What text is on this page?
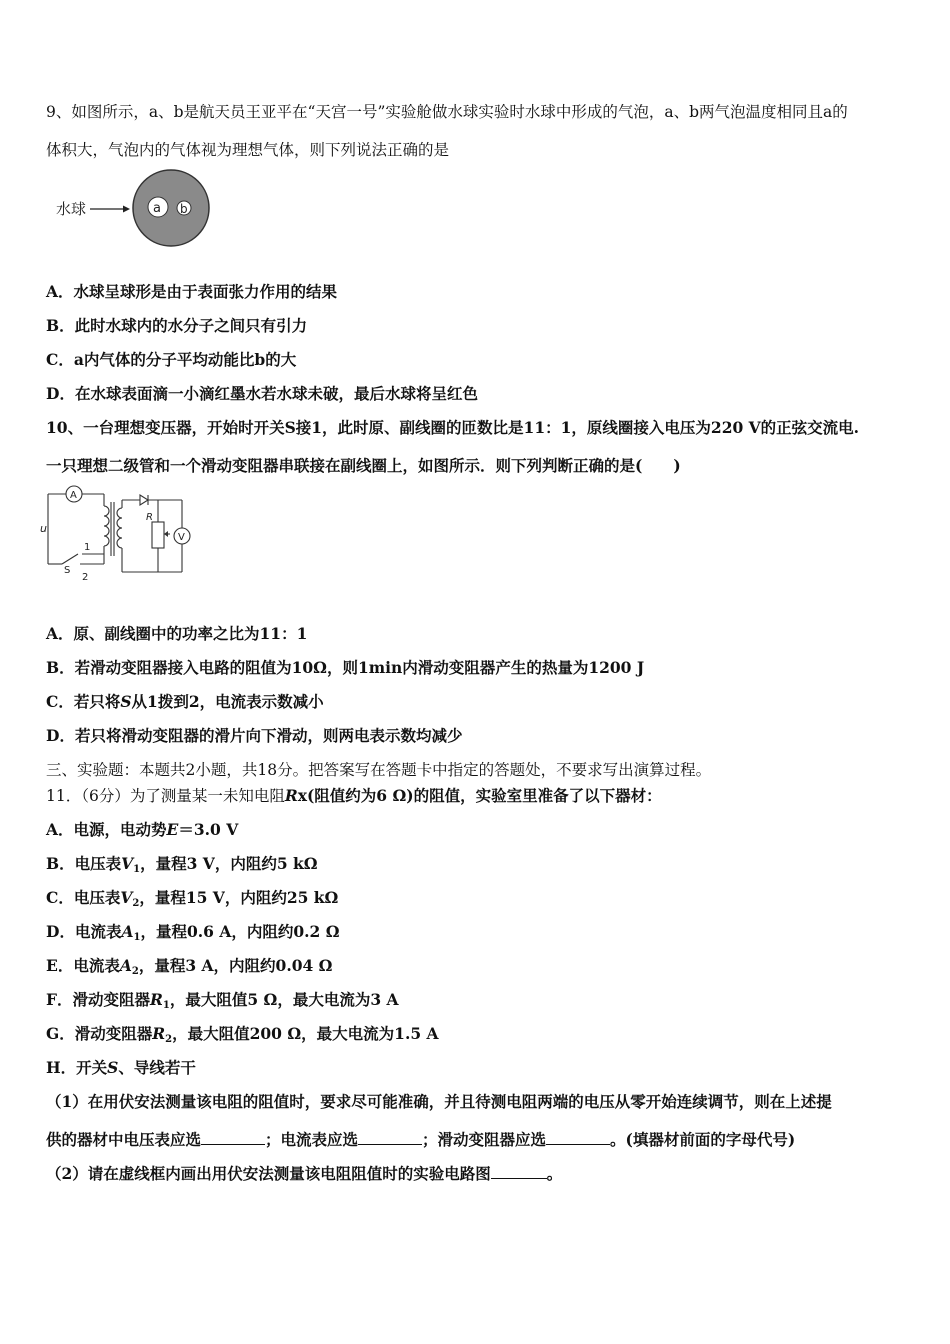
9、如图所示，a、b是航天员王亚平在“天宫一号”实验舱做水球实验时水球中形成的气泡，a、b两气泡温度相同且a的
体积大，气泡内的气体视为理想气体，则下列说法正确的是
水球	a b
A．水球呈球形是由于表面张力作用的结果
B．此时水球内的水分子之间只有引力
C．a内气体的分子平均动能比b的大
D．在水球表面滴一小滴红墨水若水球未破，最后水球将呈红色
10、一台理想变压器，开始时开关S接1，此时原、副线圈的匝数比是11：1，原线圈接入电压为220 V的正弦交流电.
一只理想二级管和一个滑动变阻器串联接在副线圈上，如图所示．则下列判断正确的是(　　)
A
V
u
S
1
2
R
A．原、副线圈中的功率之比为11：1
B．若滑动变阻器接入电路的阻值为10Ω，则1min内滑动变阻器产生的热量为1200 J
C．若只将S从1拨到2，电流表示数减小
D．若只将滑动变阻器的滑片向下滑动，则两电表示数均减少
三、实验题：本题共2小题，共18分。把答案写在答题卡中指定的答题处，不要求写出演算过程。
11．（6分）为了测量某一未知电阻Rx(阻值约为6 Ω)的阻值，实验室里准备了以下器材：
A．电源，电动势E＝3.0 V
B．电压表$V_1$，量程3 V，内阻约5 kΩ
C．电压表$V_2$，量程15 V，内阻约25 kΩ
D．电流表$A_1$，量程0.6 A，内阻约0.2 Ω
E．电流表$A_2$，量程3 A，内阻约0.04 Ω
F．滑动变阻器$R_1$，最大阻值5 Ω，最大电流为3 A
G．滑动变阻器$R_2$，最大阻值200 Ω，最大电流为1.5 A
H．开关S、导线若干
（1）在用伏安法测量该电阻的阻值时，要求尽可能准确，并且待测电阻两端的电压从零开始连续调节，则在上述提
供的器材中电压表应选	；电流表应选	；滑动变阻器应选	。(填器材前面的字母代号)
（2）请在虚线框内画出用伏安法测量该电阻阻值时的实验电路图	。
